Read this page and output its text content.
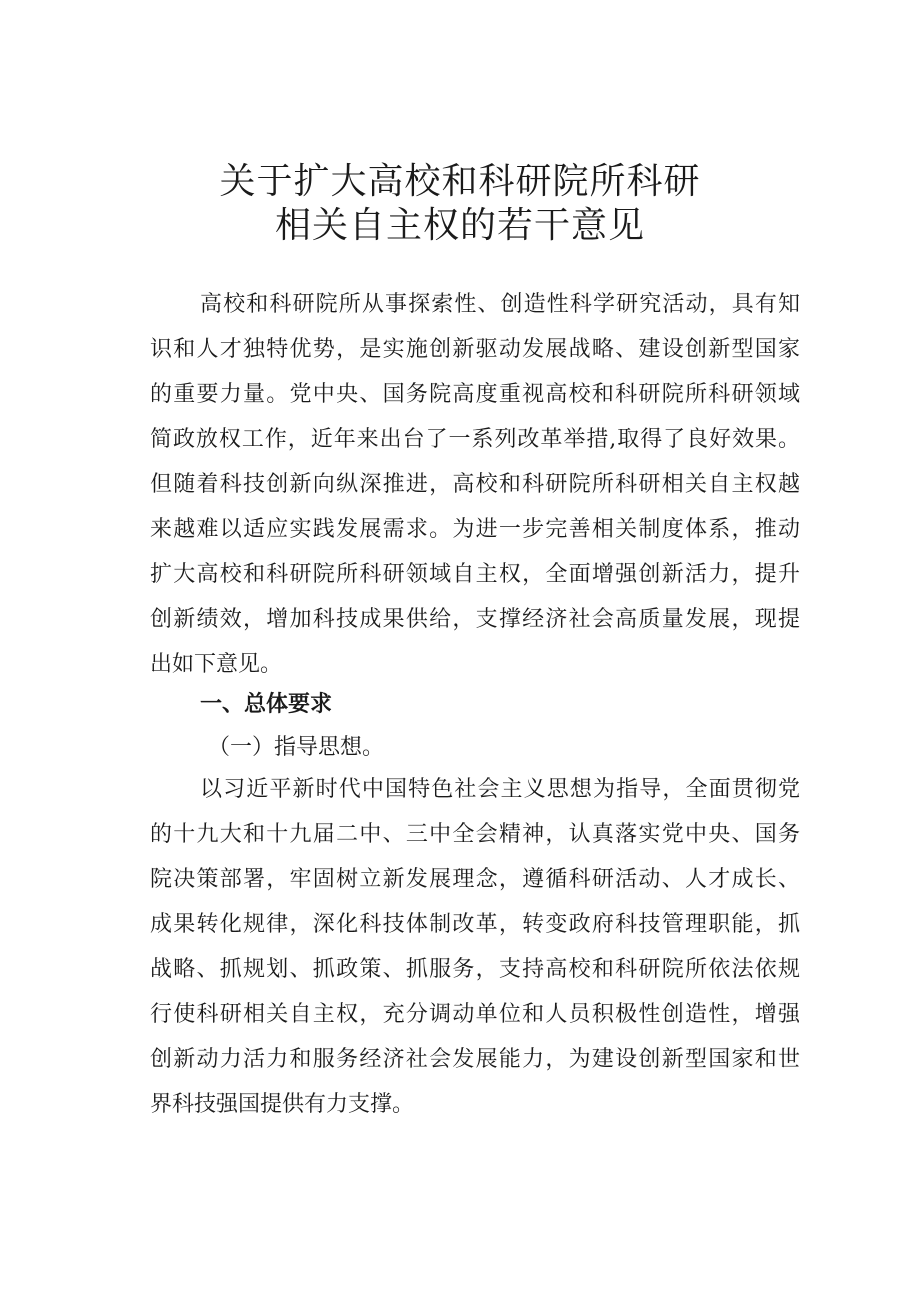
关于扩大高校和科研院所科研
相关自主权的若干意见
高校和科研院所从事探索性、创造性科学研究活动，具有知
识和人才独特优势，是实施创新驱动发展战略、建设创新型国家
的重要力量。党中央、国务院高度重视高校和科研院所科研领域
简政放权工作，近年来出台了一系列改革举措,取得了良好效果。
但随着科技创新向纵深推进，高校和科研院所科研相关自主权越
来越难以适应实践发展需求。为进一步完善相关制度体系，推动
扩大高校和科研院所科研领域自主权，全面增强创新活力，提升
创新绩效，增加科技成果供给，支撑经济社会高质量发展，现提
出如下意见。
一、总体要求
（一）指导思想。
以习近平新时代中国特色社会主义思想为指导，全面贯彻党
的十九大和十九届二中、三中全会精神，认真落实党中央、国务
院决策部署，牢固树立新发展理念，遵循科研活动、人才成长、
成果转化规律，深化科技体制改革，转变政府科技管理职能，抓
战略、抓规划、抓政策、抓服务，支持高校和科研院所依法依规
行使科研相关自主权，充分调动单位和人员积极性创造性，增强
创新动力活力和服务经济社会发展能力，为建设创新型国家和世
界科技强国提供有力支撑。
